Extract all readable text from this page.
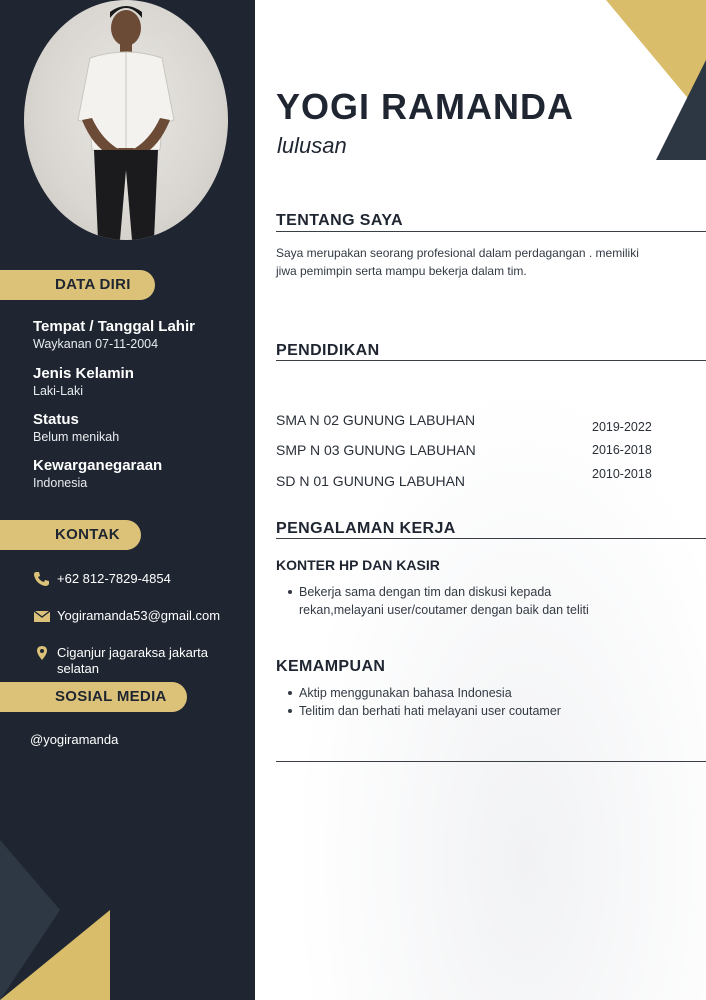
DATA DIRI
Tempat / Tanggal Lahir
Waykanan 07-11-2004
Jenis Kelamin
Laki-Laki
Status
Belum menikah
Kewarganegaraan
Indonesia
KONTAK
+62 812-7829-4854
Yogiramanda53@gmail.com
Ciganjur jagaraksa jakarta selatan
SOSIAL MEDIA
@yogiramanda
YOGI RAMANDA
lulusan
TENTANG SAYA
Saya merupakan seorang profesional dalam perdagangan . memiliki jiwa pemimpin serta mampu bekerja dalam tim.
PENDIDIKAN
SMA N 02 GUNUNG LABUHAN
SMP N 03 GUNUNG LABUHAN
SD N 01 GUNUNG LABUHAN
2019-2022
2016-2018
2010-2018
PENGALAMAN KERJA
KONTER HP DAN KASIR
Bekerja sama dengan tim dan diskusi kepada rekan,melayani user/coutamer dengan baik dan teliti
KEMAMPUAN
Aktip menggunakan bahasa Indonesia
Telitim dan berhati hati melayani user coutamer
